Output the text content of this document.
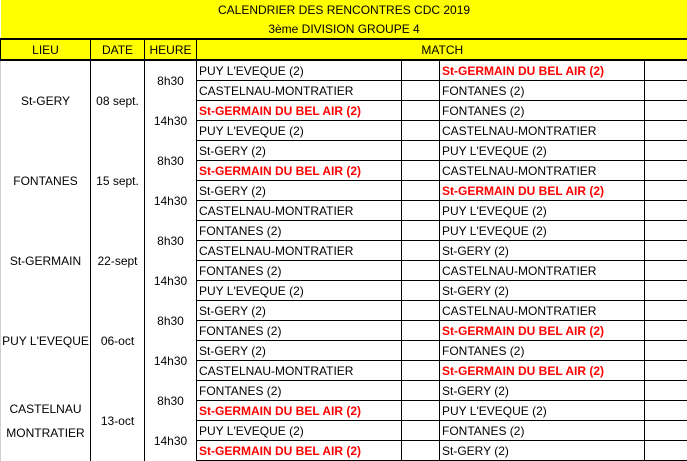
CALENDRIER DES RENCONTRES CDC 2019						
3ème DIVISION GROUPE 4						
LIEU	DATE	HEURE	MATCH			
St-GERY	08 sept.	8h30	PUY L'EVEQUE (2)		St-GERMAIN DU BEL AIR (2)	
			CASTELNAU-MONTRATIER		FONTANES (2)	
		14h30	St-GERMAIN DU BEL AIR (2)		FONTANES (2)	
			PUY L'EVEQUE (2)		CASTELNAU-MONTRATIER	
FONTANES	15 sept.	8h30	St-GERY (2)		PUY L'EVEQUE (2)	
			St-GERMAIN DU BEL AIR (2)		CASTELNAU-MONTRATIER	
		14h30	St-GERY (2)		St-GERMAIN DU BEL AIR (2)	
			CASTELNAU-MONTRATIER		PUY L'EVEQUE (2)	
St-GERMAIN	22-sept	8h30	FONTANES (2)		PUY L'EVEQUE (2)	
			CASTELNAU-MONTRATIER		St-GERY (2)	
		14h30	FONTANES (2)		CASTELNAU-MONTRATIER	
			PUY L'EVEQUE (2)		St-GERY (2)	
PUY L'EVEQUE	06-oct	8h30	St-GERY (2)		CASTELNAU-MONTRATIER	
			FONTANES (2)		St-GERMAIN DU BEL AIR (2)	
		14h30	St-GERY (2)		FONTANES (2)	
			CASTELNAU-MONTRATIER		St-GERMAIN DU BEL AIR (2)	

CASTELNAU
MONTRATIER	13-oct	8h30	FONTANES (2)		St-GERY (2)	
			St-GERMAIN DU BEL AIR (2)		PUY L'EVEQUE (2)	
		14h30	PUY L'EVEQUE (2)		FONTANES (2)	
			St-GERMAIN DU BEL AIR (2)		St-GERY (2)	
